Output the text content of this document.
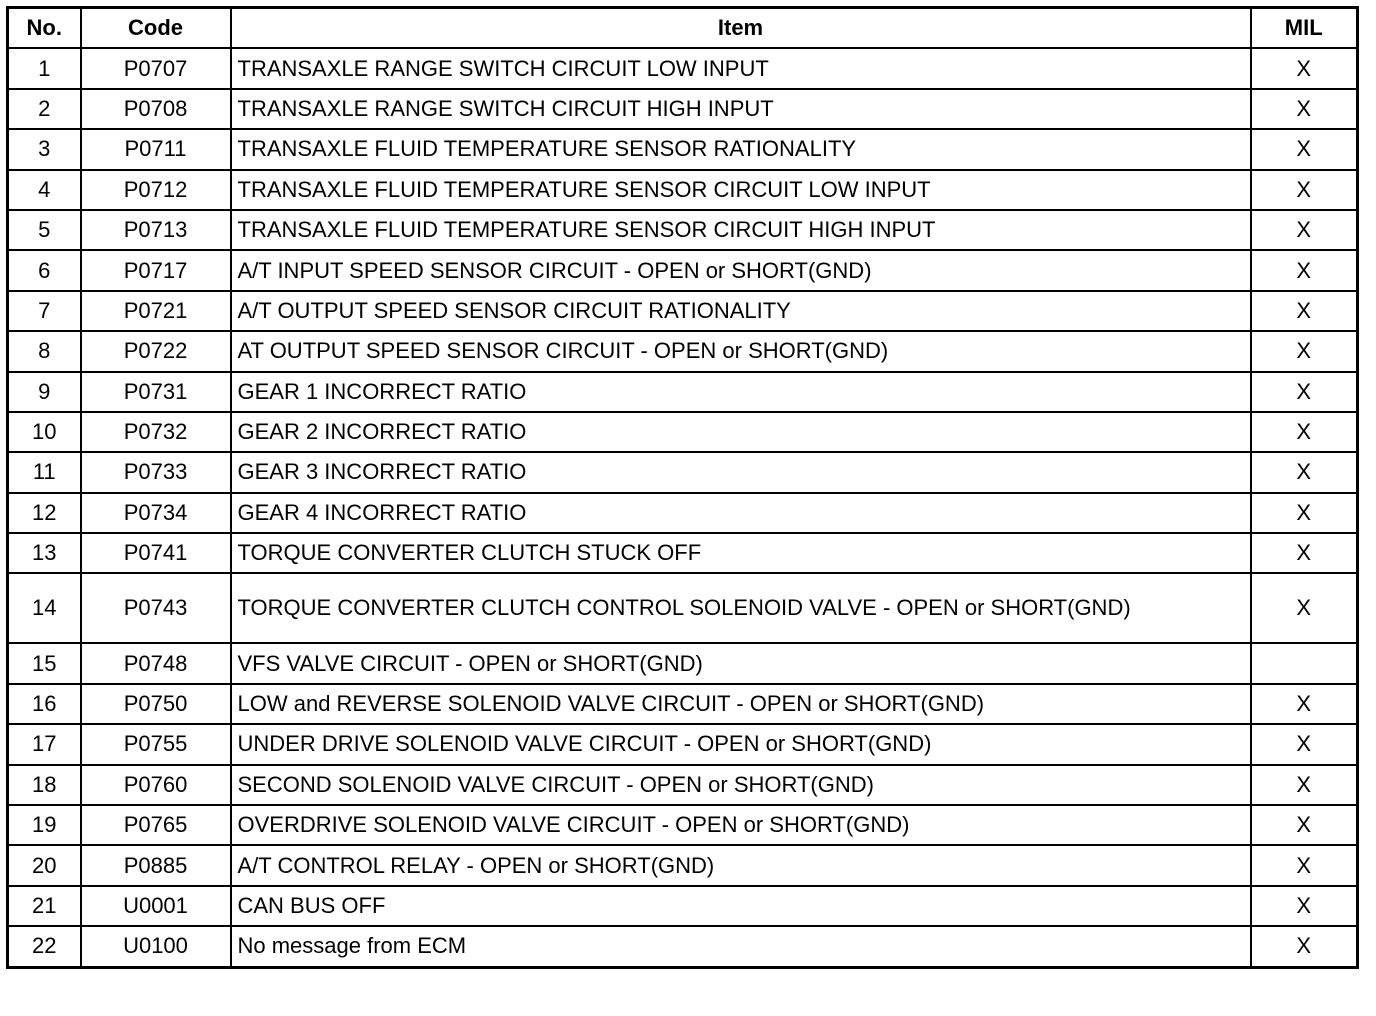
No.	Code	Item	MIL
1	P0707	TRANSAXLE RANGE SWITCH CIRCUIT LOW INPUT	X
2	P0708	TRANSAXLE RANGE SWITCH CIRCUIT HIGH INPUT	X
3	P0711	TRANSAXLE FLUID TEMPERATURE SENSOR RATIONALITY	X
4	P0712	TRANSAXLE FLUID TEMPERATURE SENSOR CIRCUIT LOW INPUT	X
5	P0713	TRANSAXLE FLUID TEMPERATURE SENSOR CIRCUIT HIGH INPUT	X
6	P0717	A/T INPUT SPEED SENSOR CIRCUIT - OPEN or SHORT(GND)	X
7	P0721	A/T OUTPUT SPEED SENSOR CIRCUIT RATIONALITY	X
8	P0722	AT OUTPUT SPEED SENSOR CIRCUIT - OPEN or SHORT(GND)	X
9	P0731	GEAR 1 INCORRECT RATIO	X
10	P0732	GEAR 2 INCORRECT RATIO	X
11	P0733	GEAR 3 INCORRECT RATIO	X
12	P0734	GEAR 4 INCORRECT RATIO	X
13	P0741	TORQUE CONVERTER CLUTCH STUCK OFF	X
14	P0743	TORQUE CONVERTER CLUTCH CONTROL SOLENOID VALVE - OPEN or SHORT(GND)	X
15	P0748	VFS VALVE CIRCUIT - OPEN or SHORT(GND)	
16	P0750	LOW and REVERSE SOLENOID VALVE CIRCUIT - OPEN or SHORT(GND)	X
17	P0755	UNDER DRIVE SOLENOID VALVE CIRCUIT - OPEN or SHORT(GND)	X
18	P0760	SECOND SOLENOID VALVE CIRCUIT - OPEN or SHORT(GND)	X
19	P0765	OVERDRIVE SOLENOID VALVE CIRCUIT - OPEN or SHORT(GND)	X
20	P0885	A/T CONTROL RELAY - OPEN or SHORT(GND)	X
21	U0001	CAN BUS OFF	X
22	U0100	No message from ECM	X
